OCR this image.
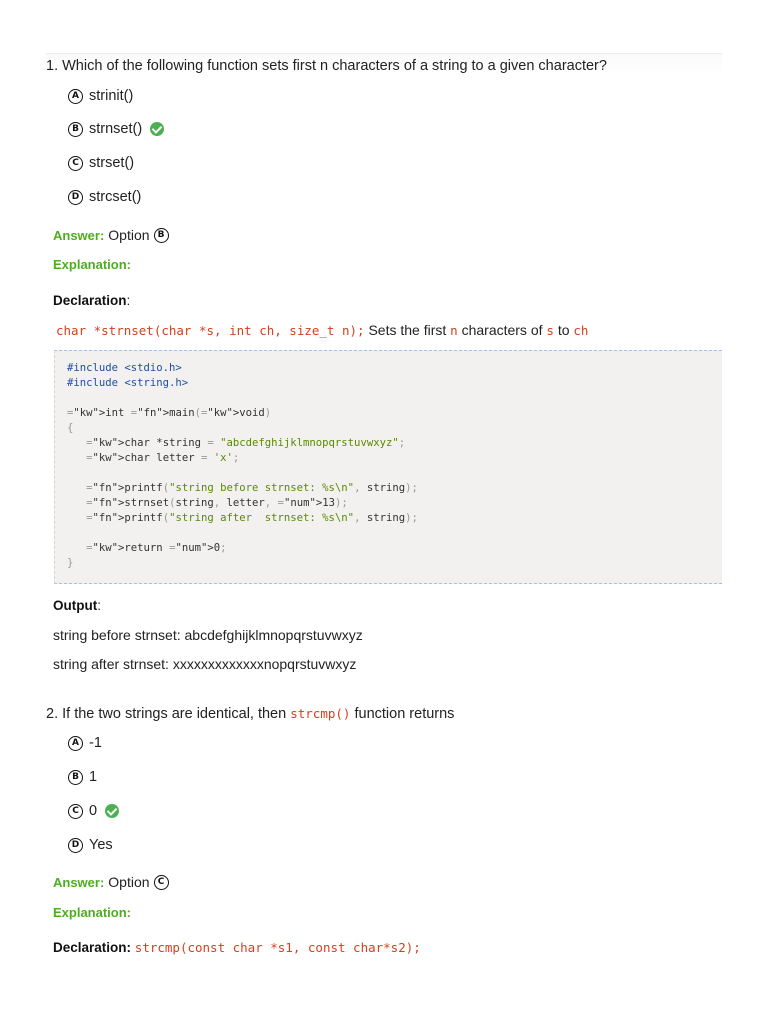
1. Which of the following function sets first n characters of a string to a given character?
A strinit()
B strnset()
C strset()
D strcset()
Answer: Option B
Explanation:
Declaration:
char *strnset(char *s, int ch, size_t n); Sets the first n characters of s to ch
#include <stdio.h>
#include <string.h>
="kw">int ="fn">main(="kw">void)
{
="kw">char *string = "abcdefghijklmnopqrstuvwxyz";
="kw">char letter = 'x';
="fn">printf("string before strnset: %s\n", string);
="fn">strnset(string, letter, ="num">13);
="fn">printf("string after  strnset: %s\n", string);
="kw">return ="num">0;
}
Output:
string before strnset: abcdefghijklmnopqrstuvwxyz
string after strnset: xxxxxxxxxxxxxnopqrstuvwxyz
2. If the two strings are identical, then strcmp() function returns
A -1
B 1
C 0
D Yes
Answer: Option C
Explanation:
Declaration: strcmp(const char *s1, const char*s2);
